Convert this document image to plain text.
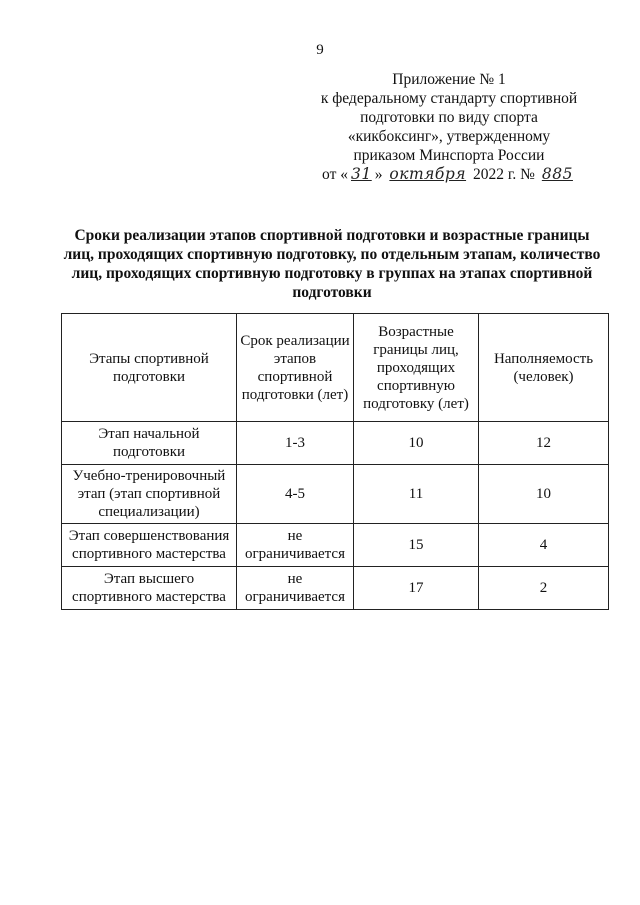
9
Приложение № 1
к федеральному стандарту спортивной
подготовки по виду спорта
«кикбоксинг», утвержденному
приказом Минспорта России
от « 31 » октября 2022 г. № 885
Сроки реализации этапов спортивной подготовки и возрастные границы лиц, проходящих спортивную подготовку, по отдельным этапам, количество лиц, проходящих спортивную подготовку в группах на этапах спортивной подготовки
Этапы спортивной подготовки	Срок реализации этапов спортивной подготовки (лет)	Возрастные границы лиц, проходящих спортивную подготовку (лет)	Наполняемость (человек)
Этап начальной подготовки	1-3	10	12
Учебно-тренировочный этап (этап спортивной специализации)	4-5	11	10
Этап совершенствования спортивного мастерства	не ограничивается	15	4
Этап высшего спортивного мастерства	не ограничивается	17	2
